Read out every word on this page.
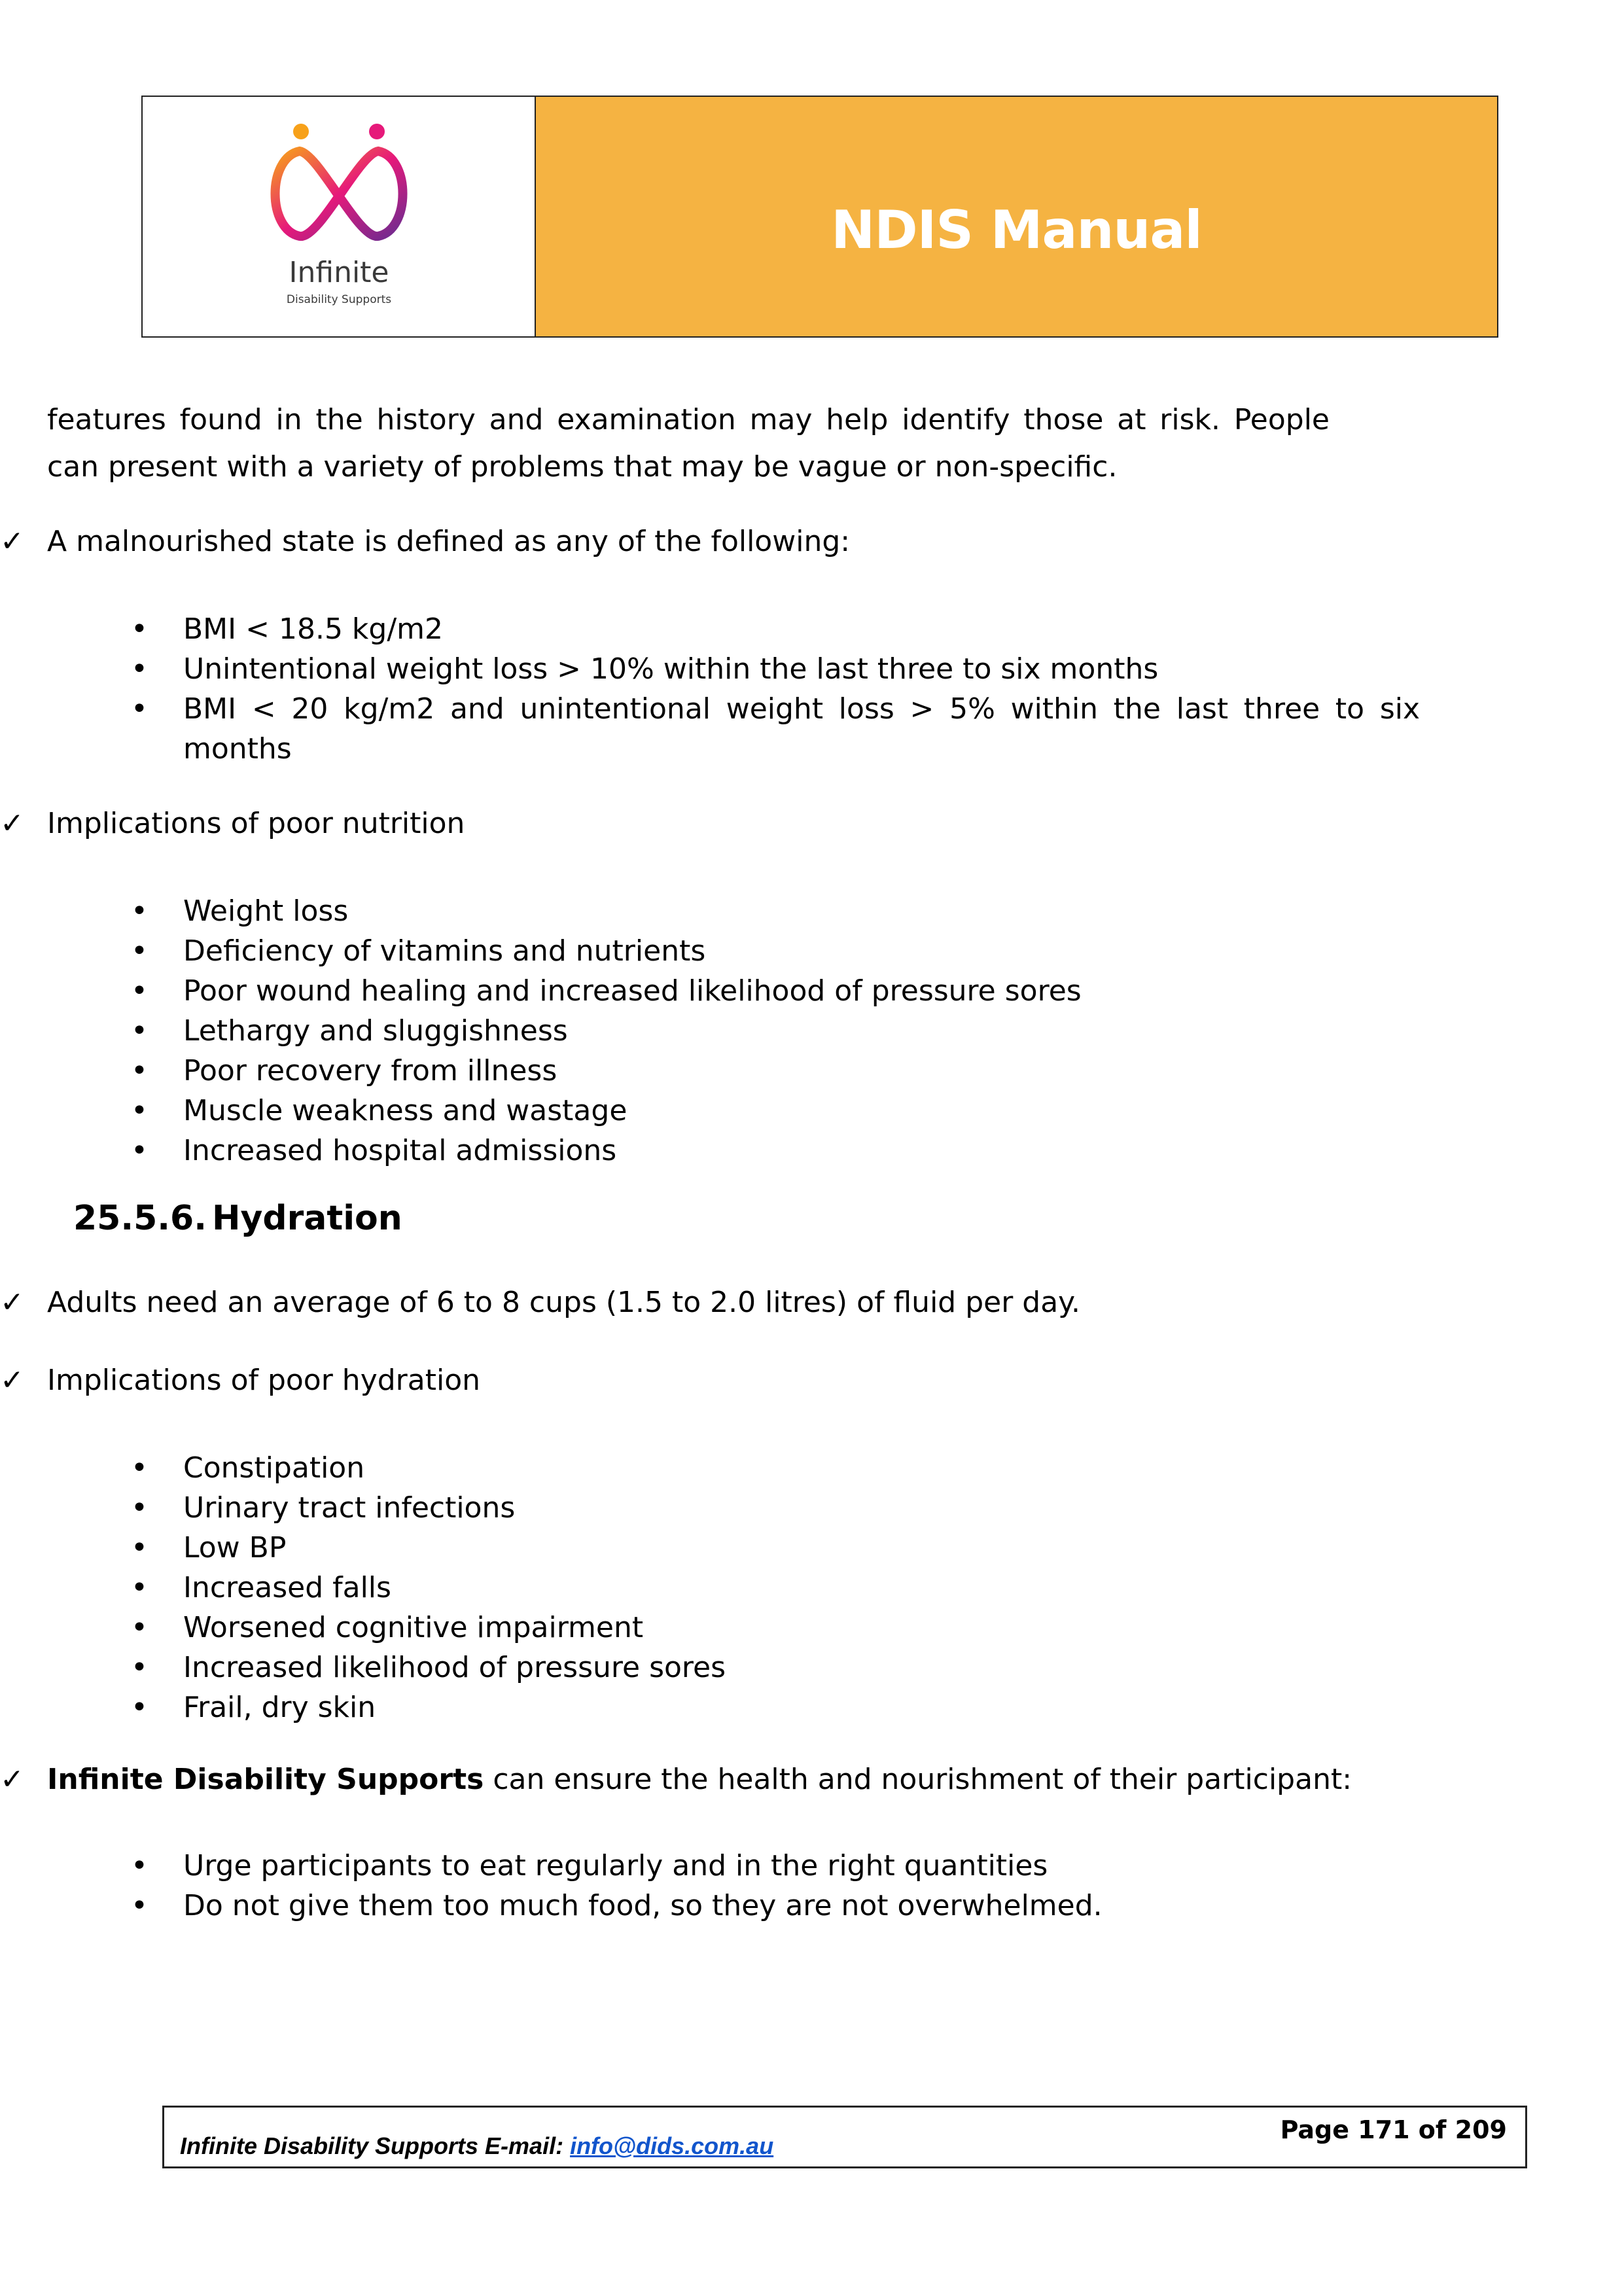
Infinite
Disability Supports
NDIS Manual
features found in the history and examination may help identify those at risk. People can present with a variety of problems that may be vague or non-specific.
✓ A malnourished state is defined as any of the following:
•	BMI < 18.5 kg/m2
•	Unintentional weight loss > 10% within the last three to six months
•	BMI < 20 kg/m2 and unintentional weight loss > 5% within the last three to six months
✓ Implications of poor nutrition
•	Weight loss
•	Deficiency of vitamins and nutrients
•	Poor wound healing and increased likelihood of pressure sores
•	Lethargy and sluggishness
•	Poor recovery from illness
•	Muscle weakness and wastage
•	Increased hospital admissions
25.5.6. Hydration
✓ Adults need an average of 6 to 8 cups (1.5 to 2.0 litres) of fluid per day.
✓ Implications of poor hydration
•	Constipation
•	Urinary tract infections
•	Low BP
•	Increased falls
•	Worsened cognitive impairment
•	Increased likelihood of pressure sores
•	Frail, dry skin
✓ Infinite Disability Supports can ensure the health and nourishment of their participant:
•	Urge participants to eat regularly and in the right quantities
•	Do not give them too much food, so they are not overwhelmed.
Infinite Disability Supports E-mail: info@dids.com.au
Page 171 of 209
